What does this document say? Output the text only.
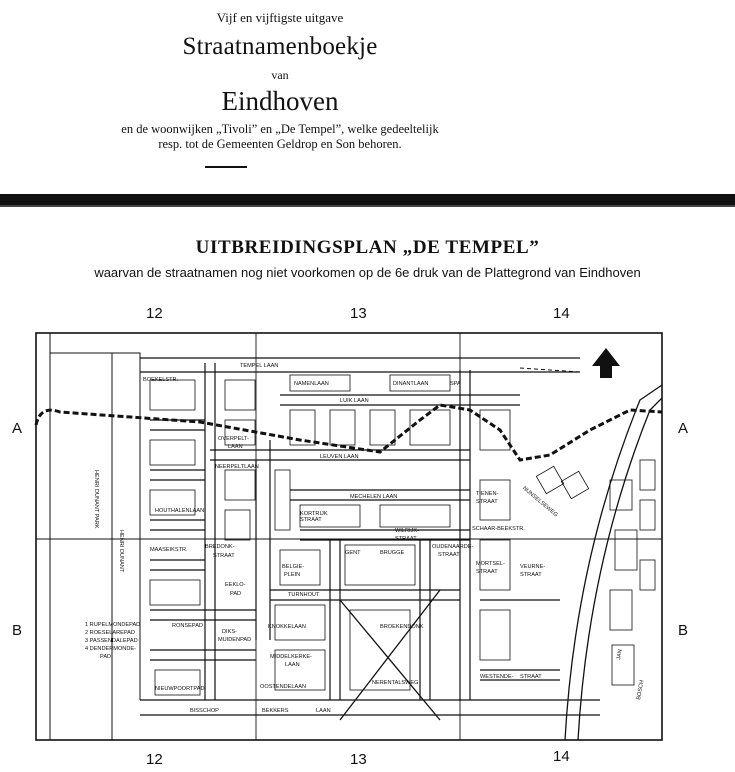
Vijf en vijftigste uitgave
Straatnamenboekje
van
Eindhoven
en de woonwijken „Tivoli” en „De Tempel”, welke gedeeltelijk
resp. tot de Gemeenten Geldrop en Son behoren.
UITBREIDINGSPLAN „DE TEMPEL”
waarvan de straatnamen nog niet voorkomen op de 6e druk van de Plattegrond van Eindhoven
12	13	14
12	13	14
A	A
B	B
TEMPEL LAAN
NAMENLAAN	DINANTLAAN
LUIK LAAN
SPA
OVERPELT-
LAAN
NEERPELTLAAN
LEUVEN LAAN
MECHELEN LAAN
SCHAAR-BEEKSTR.
HOUTHALENLAAN
MAASEIKSTR.	BREDONK-
STRAAT
BELGIE-
PLEIN
TURNHOUT
EEKLO-
PAD
RONSEPAD
DIKS-
MUIDENPAD
KNOKKELAAN
MIDDELKERKE-
LAAN
OOSTENDELAAN
BROEKENDONK
NERENTALSWEG
BISSCHOP	BEKKERS	LAAN
WILRIJK-
STRAAT
OUDENAARDE-
STRAAT
TIENEN-
STRAAT
MORTSEL-
STRAAT
WESTENDE- STRAAT
VEURNE-
STRAAT
BOEKELSTR.
NIEUWPOORTPAD
NIJNSELSEWEG
KORTRIJK
STRAAT
GENT	BRUGGE
JAN
BOSCH
HENRI DUNANT
HENRI DUNANT PARK
1 RUPELMONDEPAD
2 ROESELAREPAD
3 PASSENDALEPAD
4 DENDERMONDE-
PAD
